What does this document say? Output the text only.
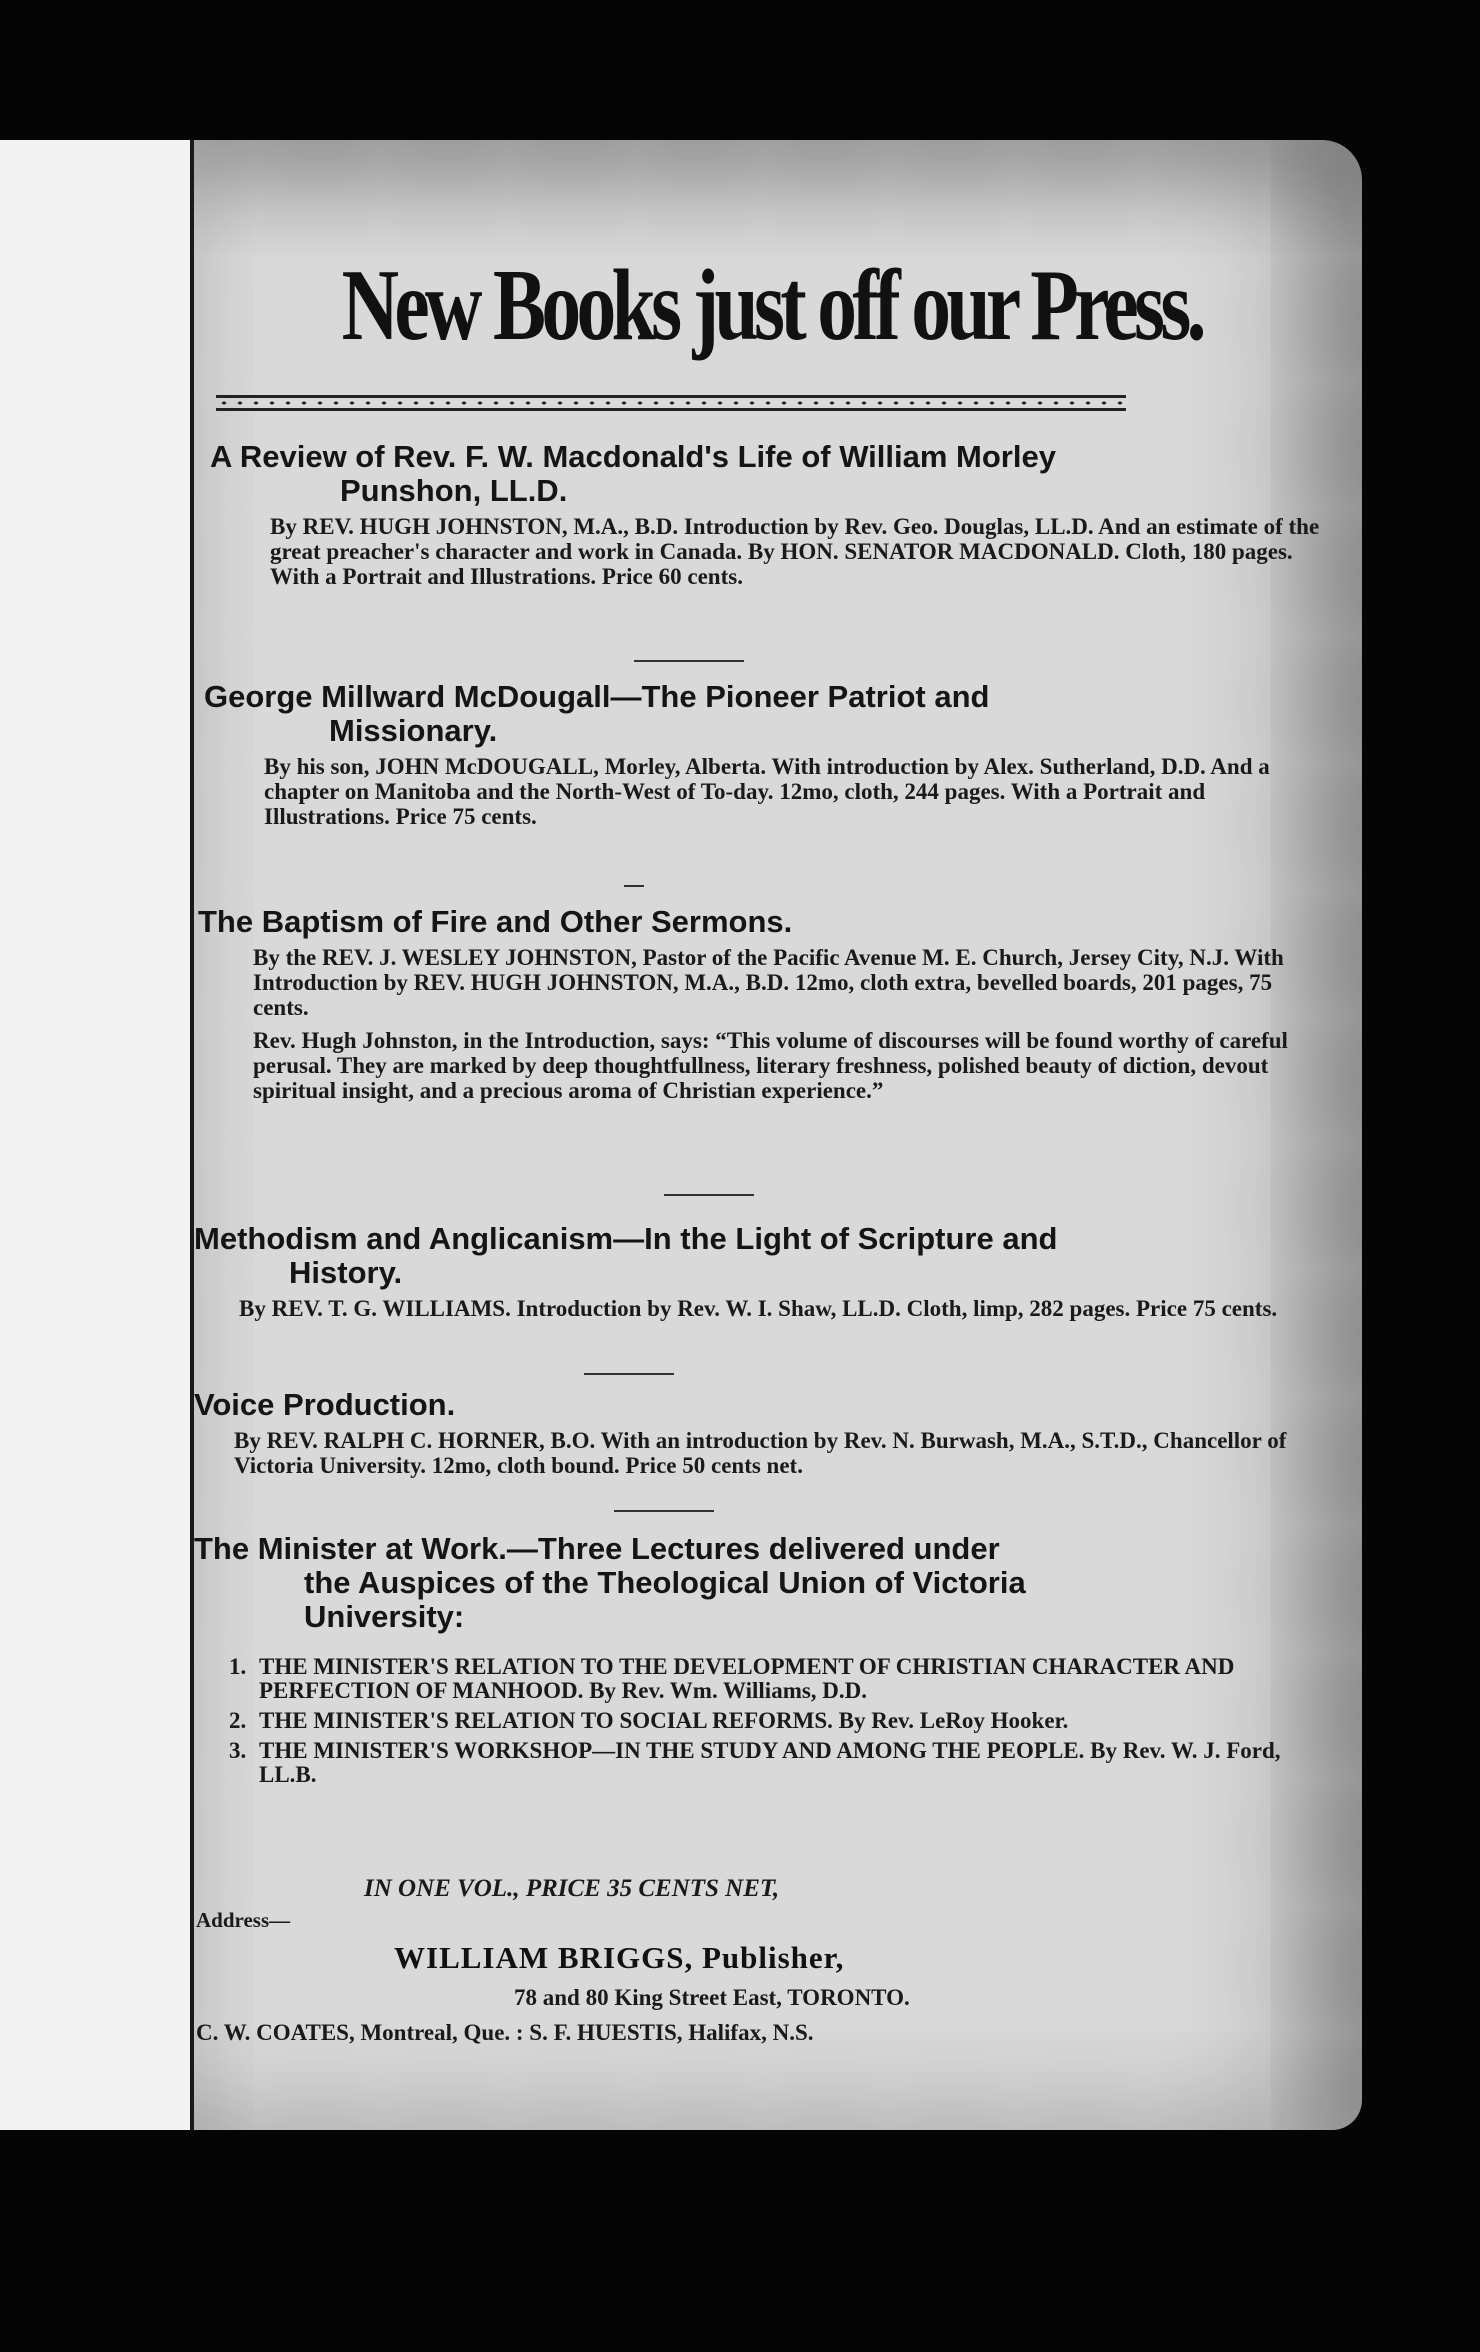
New Books just off our Press.
A Review of Rev. F. W. Macdonald's Life of William Morley
Punshon, LL.D.
By REV. HUGH JOHNSTON, M.A., B.D. Introduction by Rev. Geo. Douglas, LL.D. And an estimate of the great preacher's character and work in Canada. By HON. SENATOR MACDONALD. Cloth, 180 pages. With a Portrait and Illustrations. Price 60 cents.
George Millward McDougall—The Pioneer Patriot and
Missionary.
By his son, JOHN McDOUGALL, Morley, Alberta. With introduction by Alex. Sutherland, D.D. And a chapter on Manitoba and the North-West of To-day. 12mo, cloth, 244 pages. With a Portrait and Illustrations. Price 75 cents.
The Baptism of Fire and Other Sermons.
By the REV. J. WESLEY JOHNSTON, Pastor of the Pacific Avenue M. E. Church, Jersey City, N.J. With Introduction by REV. HUGH JOHNSTON, M.A., B.D. 12mo, cloth extra, bevelled boards, 201 pages, 75 cents.
Rev. Hugh Johnston, in the Introduction, says: “This volume of discourses will be found worthy of careful perusal. They are marked by deep thoughtfullness, literary freshness, polished beauty of diction, devout spiritual insight, and a precious aroma of Christian experience.”
Methodism and Anglicanism—In the Light of Scripture and
History.
By REV. T. G. WILLIAMS. Introduction by Rev. W. I. Shaw, LL.D. Cloth, limp, 282 pages. Price 75 cents.
Voice Production.
By REV. RALPH C. HORNER, B.O. With an introduction by Rev. N. Burwash, M.A., S.T.D., Chancellor of Victoria University. 12mo, cloth bound. Price 50 cents net.
The Minister at Work.—Three Lectures delivered under
the Auspices of the Theological Union of Victoria University:
1. THE MINISTER'S RELATION TO THE DEVELOPMENT OF CHRISTIAN CHARACTER AND PERFECTION OF MANHOOD. By Rev. Wm. Williams, D.D.
2. THE MINISTER'S RELATION TO SOCIAL REFORMS. By Rev. LeRoy Hooker.
3. THE MINISTER'S WORKSHOP—IN THE STUDY AND AMONG THE PEOPLE. By Rev. W. J. Ford, LL.B.
IN ONE VOL., PRICE 35 CENTS NET,
Address—
WILLIAM BRIGGS, Publisher,
78 and 80 King Street East, TORONTO.
C. W. COATES, Montreal, Que. : S. F. HUESTIS, Halifax, N.S.
